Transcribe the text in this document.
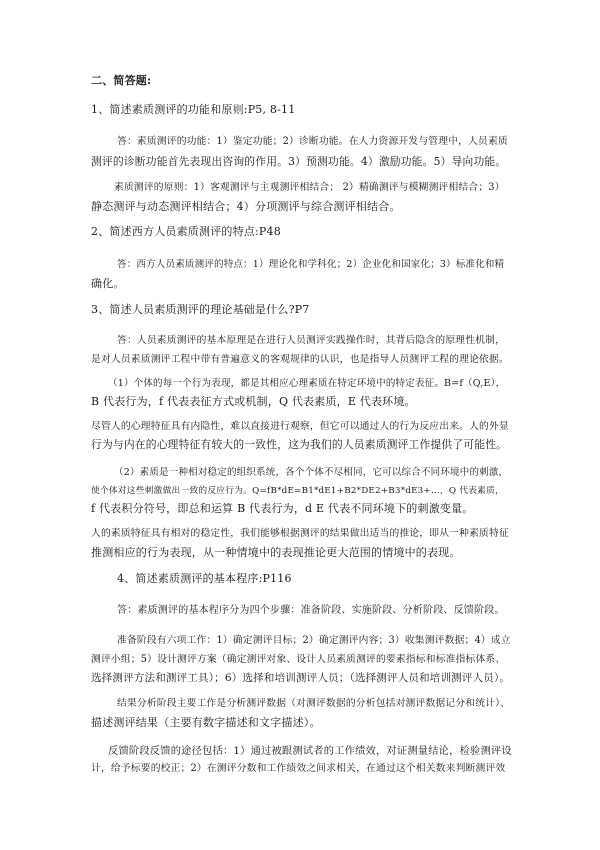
二、简答题:
1、简述素质测评的功能和原则:P5, 8-11
答：素质测评的功能：1）鉴定功能；2）诊断功能。在人力资源开发与管理中，人员素质
测评的诊断功能首先表现出咨询的作用。3）预测功能。4）激励功能。5）导向功能。
素质测评的原则：1）客观测评与主观测评相结合； 2）精确测评与模糊测评相结合；3）
静态测评与动态测评相结合；4）分项测评与综合测评相结合。
2、简述西方人员素质测评的特点:P48
答：西方人员素质测评的特点：1）理论化和学科化；2）企业化和国家化；3）标准化和精
确化。
3、简述人员素质测评的理论基础是什么?P7
答：人员素质测评的基本原理是在进行人员测评实践操作时，其背后隐含的原理性机制，
是对人员素质测评工程中带有普遍意义的客观规律的认识，也是指导人员测评工程的理论依据。
（1）个体的每一个行为表现，都是其相应心理素质在特定环境中的特定表征。B=f（Q,E），
B 代表行为，f 代表表征方式或机制，Q 代表素质，E 代表环境。
尽管人的心理特征具有内隐性，难以直接进行观察，但它可以通过人的行为反应出来。人的外显
行为与内在的心理特征有较大的一致性，这为我们的人员素质测评工作提供了可能性。
（2）素质是一种相对稳定的组织系统，各个个体不尽相同，它可以综合不同环境中的刺激，
使个体对这些刺激做出一致的反应行为。Q=fB*dE=B1*dE1+B2*DE2+B3*dE3+…，Q 代表素质，
f 代表积分符号，即总和运算 B 代表行为，d E 代表不同环境下的刺激变量。
人的素质特征具有相对的稳定性，我们能够根据测评的结果做出适当的推论，即从一种素质特征
推测相应的行为表现，从一种情境中的表现推论更大范围的情境中的表现。
4、简述素质测评的基本程序:P116
答：素质测评的基本程序分为四个步骤：准备阶段、实施阶段、分析阶段、反馈阶段。
准备阶段有六项工作：1）确定测评目标；2）确定测评内容；3）收集测评数据；4）成立
测评小组；5）设计测评方案（确定测评对象、设计人员素质测评的要素指标和标准指标体系、
选择测评方法和测评工具）；6）选择和培训测评人员；（选择测评人员和培训测评人员）。
结果分析阶段主要工作是分析测评数据（对测评数据的分析包括对测评数据记分和统计）、
描述测评结果（主要有数字描述和文字描述）。
反馈阶段反馈的途径包括：1）通过被跟测试者的工作绩效，对证测量结论，检验测评设
计，给予标要的校正；2）在测评分数和工作绩效之间求相关，在通过这个相关数来判断测评效
